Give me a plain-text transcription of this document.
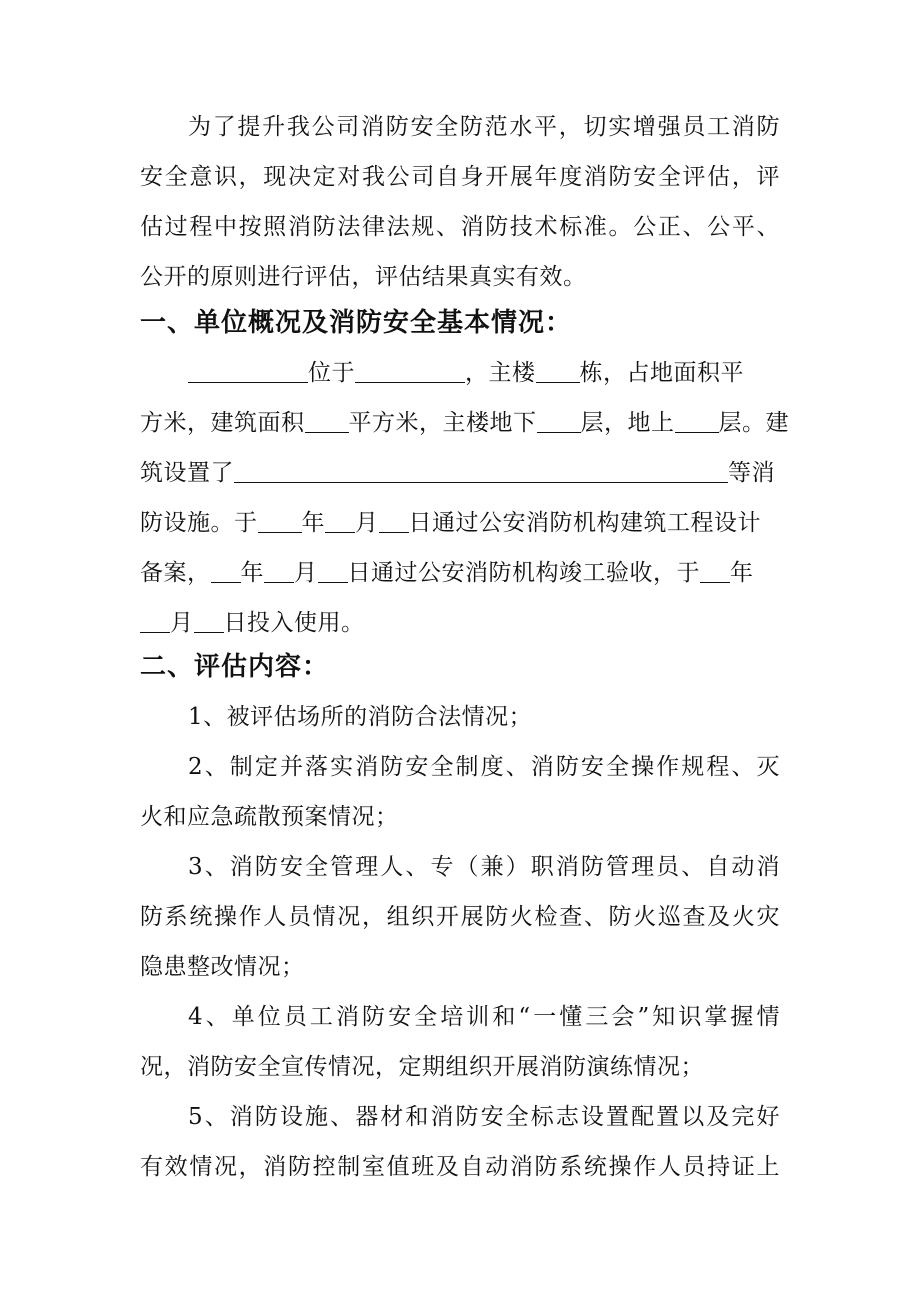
为了提升我公司消防安全防范水平，切实增强员工消防
安全意识，现决定对我公司自身开展年度消防安全评估，评
估过程中按照消防法律法规、消防技术标准。公正、公平、
公开的原则进行评估，评估结果真实有效。
一、单位概况及消防安全基本情况：
位于	，主楼 栋，占地面积平
方米，建筑面积 平方米，主楼地下 层，地上 层。建
筑设置了	等消
防设施。于 年 月 日通过公安消防机构建筑工程设计
备案， 年 月 日通过公安消防机构竣工验收，于 年
月 日投入使用。
二、评估内容：
1、被评估场所的消防合法情况；
2、制定并落实消防安全制度、消防安全操作规程、灭
火和应急疏散预案情况；
3、消防安全管理人、专（兼）职消防管理员、自动消
防系统操作人员情况，组织开展防火检查、防火巡查及火灾
隐患整改情况；
4、单位员工消防安全培训和“一懂三会”知识掌握情
况，消防安全宣传情况，定期组织开展消防演练情况；
5、消防设施、器材和消防安全标志设置配置以及完好
有效情况，消防控制室值班及自动消防系统操作人员持证上
